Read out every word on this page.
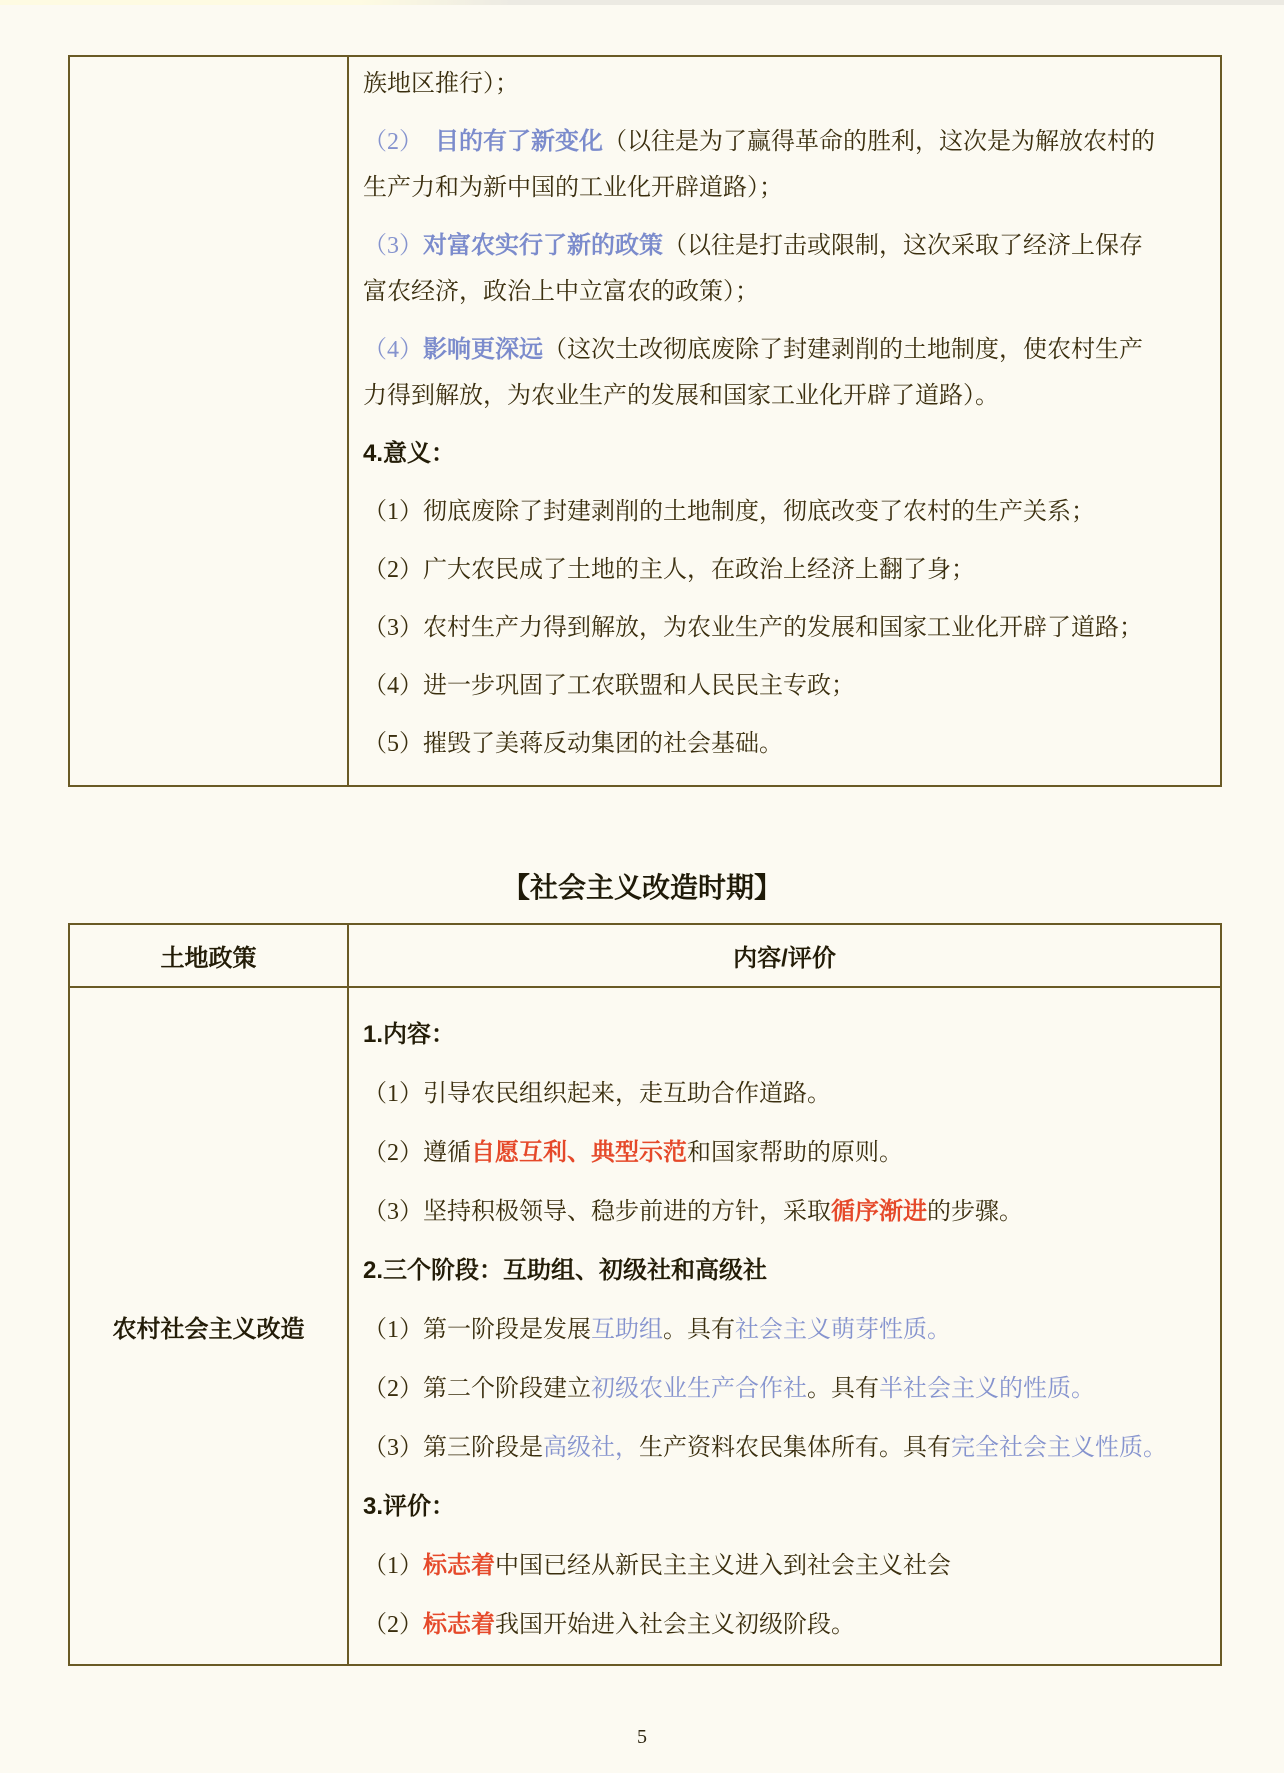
族地区推行）；
（2）　 目的有了新变化（以往是为了赢得革命的胜利，这次是为解放农村的
生产力和为新中国的工业化开辟道路）；
（3）对富农实行了新的政策（以往是打击或限制，这次采取了经济上保存
富农经济，政治上中立富农的政策）；
（4）影响更深远（这次土改彻底废除了封建剥削的土地制度，使农村生产
力得到解放，为农业生产的发展和国家工业化开辟了道路）。
4.意义：
（1）彻底废除了封建剥削的土地制度，彻底改变了农村的生产关系；
（2）广大农民成了土地的主人，在政治上经济上翻了身；
（3）农村生产力得到解放，为农业生产的发展和国家工业化开辟了道路；
（4）进一步巩固了工农联盟和人民民主专政；
（5）摧毁了美蒋反动集团的社会基础。
【社会主义改造时期】
土地政策	内容/评价
农村社会主义改造
1.内容：
（1）引导农民组织起来，走互助合作道路。
（2）遵循自愿互利、典型示范和国家帮助的原则。
（3）坚持积极领导、稳步前进的方针，采取循序渐进的步骤。
2.三个阶段：互助组、初级社和高级社
（1）第一阶段是发展互助组。具有社会主义萌芽性质。
（2）第二个阶段建立初级农业生产合作社。具有半社会主义的性质。
（3）第三阶段是高级社，生产资料农民集体所有。具有完全社会主义性质。
3.评价：
（1）标志着中国已经从新民主主义进入到社会主义社会
（2）标志着我国开始进入社会主义初级阶段。
5
